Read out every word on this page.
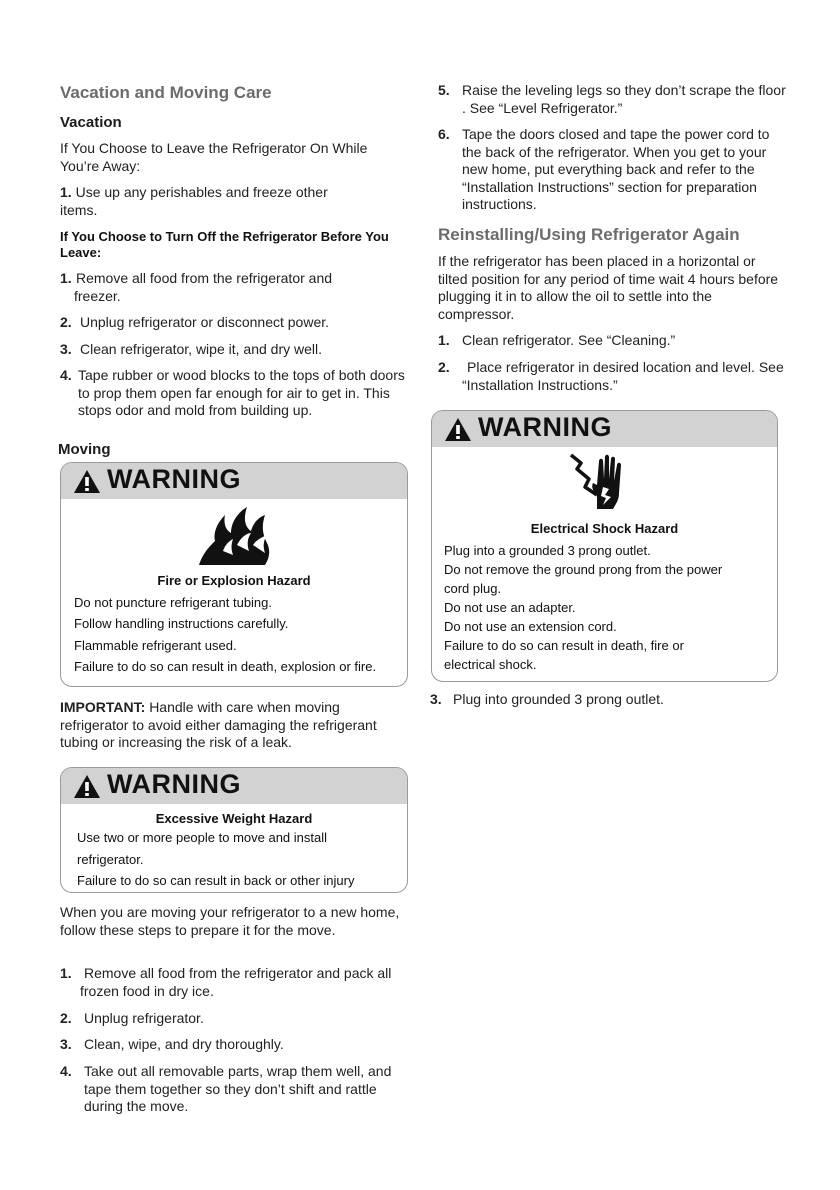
Vacation and Moving Care
Vacation
If You Choose to Leave the Refrigerator On While You’re Away:
1. Use up any perishables and freeze other items.
If You Choose to Turn Off the Refrigerator Before You Leave:
1. Remove all food from the refrigerator and freezer.
2. Unplug refrigerator or disconnect power.
3. Clean refrigerator, wipe it, and dry well.
4. Tape rubber or wood blocks to the tops of both doors to prop them open far enough for air to get in. This stops odor and mold from building up.
Moving
WARNING
Fire or Explosion Hazard
Do not puncture refrigerant tubing.
Follow handling instructions carefully.
Flammable refrigerant used.
Failure to do so can result in death, explosion or fire.
IMPORTANT: Handle with care when moving refrigerator to avoid either damaging the refrigerant tubing or increasing the risk of a leak.
WARNING
Excessive Weight Hazard
Use two or more people to move and install
refrigerator.
Failure to do so can result in back or other injury
When you are moving your refrigerator to a new home, follow these steps to prepare it for the move.
1. Remove all food from the refrigerator and pack all frozen food in dry ice.
2. Unplug refrigerator.
3. Clean, wipe, and dry thoroughly.
4. Take out all removable parts, wrap them well, and tape them together so they don’t shift and rattle during the move.
5. Raise the leveling legs so they don’t scrape the floor . See “Level Refrigerator.”
6. Tape the doors closed and tape the power cord to the back of the refrigerator. When you get to your new home, put everything back and refer to the “Installation Instructions” section for preparation instructions.
Reinstalling/Using Refrigerator Again
If the refrigerator has been placed in a horizontal or tilted position for any period of time wait 4 hours before plugging it in to allow the oil to settle into the compressor.
1. Clean refrigerator. See “Cleaning.”
2.	Place refrigerator in desired location and level. See “Installation Instructions.”
WARNING
Electrical Shock Hazard
Plug into a grounded 3 prong outlet.
Do not remove the ground prong from the power
cord plug.
Do not use an adapter.
Do not use an extension cord.
Failure to do so can result in death, fire or
electrical shock.
3. Plug into grounded 3 prong outlet.
